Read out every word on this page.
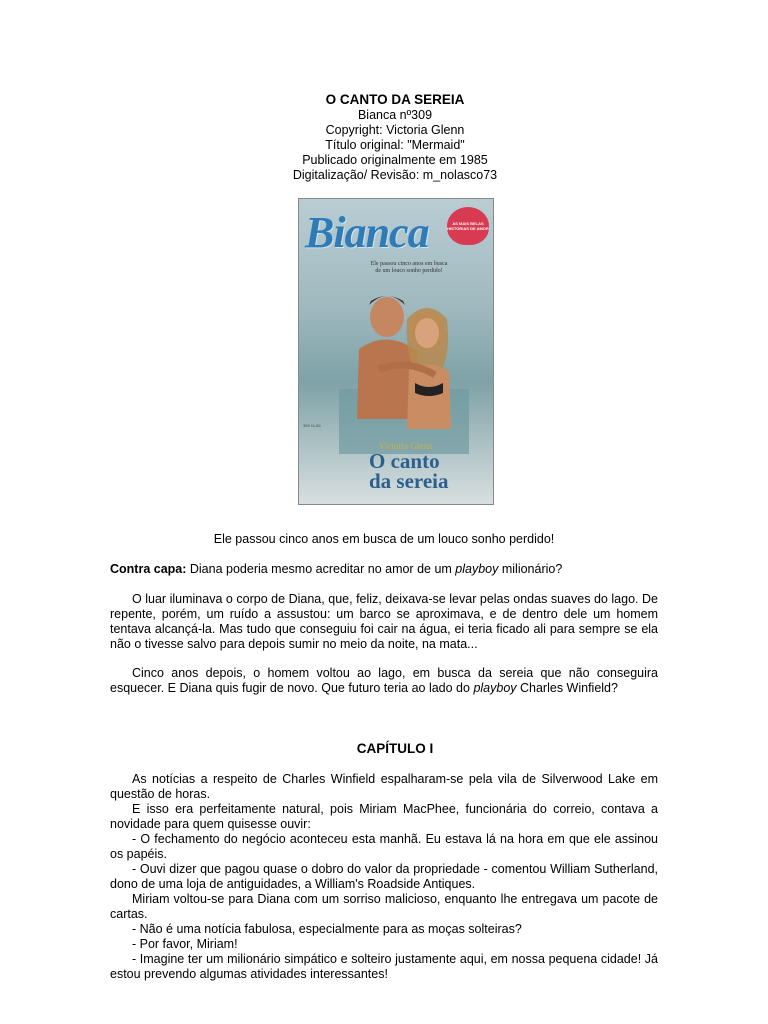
O CANTO DA SEREIA

Bianca nº309

Copyright: Victoria Glenn

Título original: "Mermaid"

Publicado originalmente em 1985

Digitalização/ Revisão: m_nolasco73

Bianca	AS MAIS BELAS HISTÓRIAS DE AMOR
Ele passou cinco anos em busca de um louco sonho perdido!
309 11,00
Victoria Glenn
O canto
da sereia

Ele passou cinco anos em busca de um louco sonho perdido!

Contra capa: Diana poderia mesmo acreditar no amor de um playboy milionário?

O luar iluminava o corpo de Diana, que, feliz, deixava-se levar pelas ondas suaves do lago. De repente, porém, um ruído a assustou: um barco se aproximava, e de dentro dele um homem tentava alcançá-la. Mas tudo que conseguiu foi cair na água, ei teria ficado ali para sempre se ela não o tivesse salvo para depois sumir no meio da noite, na mata...

Cinco anos depois, o homem voltou ao lago, em busca da sereia que não conseguira esquecer. E Diana quis fugir de novo. Que futuro teria ao lado do playboy Charles Winfield?

CAPÍTULO I

As notícias a respeito de Charles Winfield espalharam-se pela vila de Silverwood Lake em questão de horas.

E isso era perfeitamente natural, pois Miriam MacPhee, funcionária do correio, contava a novidade para quem quisesse ouvir:

- O fechamento do negócio aconteceu esta manhã. Eu estava lá na hora em que ele assinou os papéis.

- Ouvi dizer que pagou quase o dobro do valor da propriedade - comentou William Sutherland, dono de uma loja de antiguidades, a William's Roadside Antiques.

Miriam voltou-se para Diana com um sorriso malicioso, enquanto lhe entregava um pacote de cartas.

- Não é uma notícia fabulosa, especialmente para as moças solteiras?

- Por favor, Miriam!

- Imagine ter um milionário simpático e solteiro justamente aqui, em nossa pequena cidade! Já estou prevendo algumas atividades interessantes!
